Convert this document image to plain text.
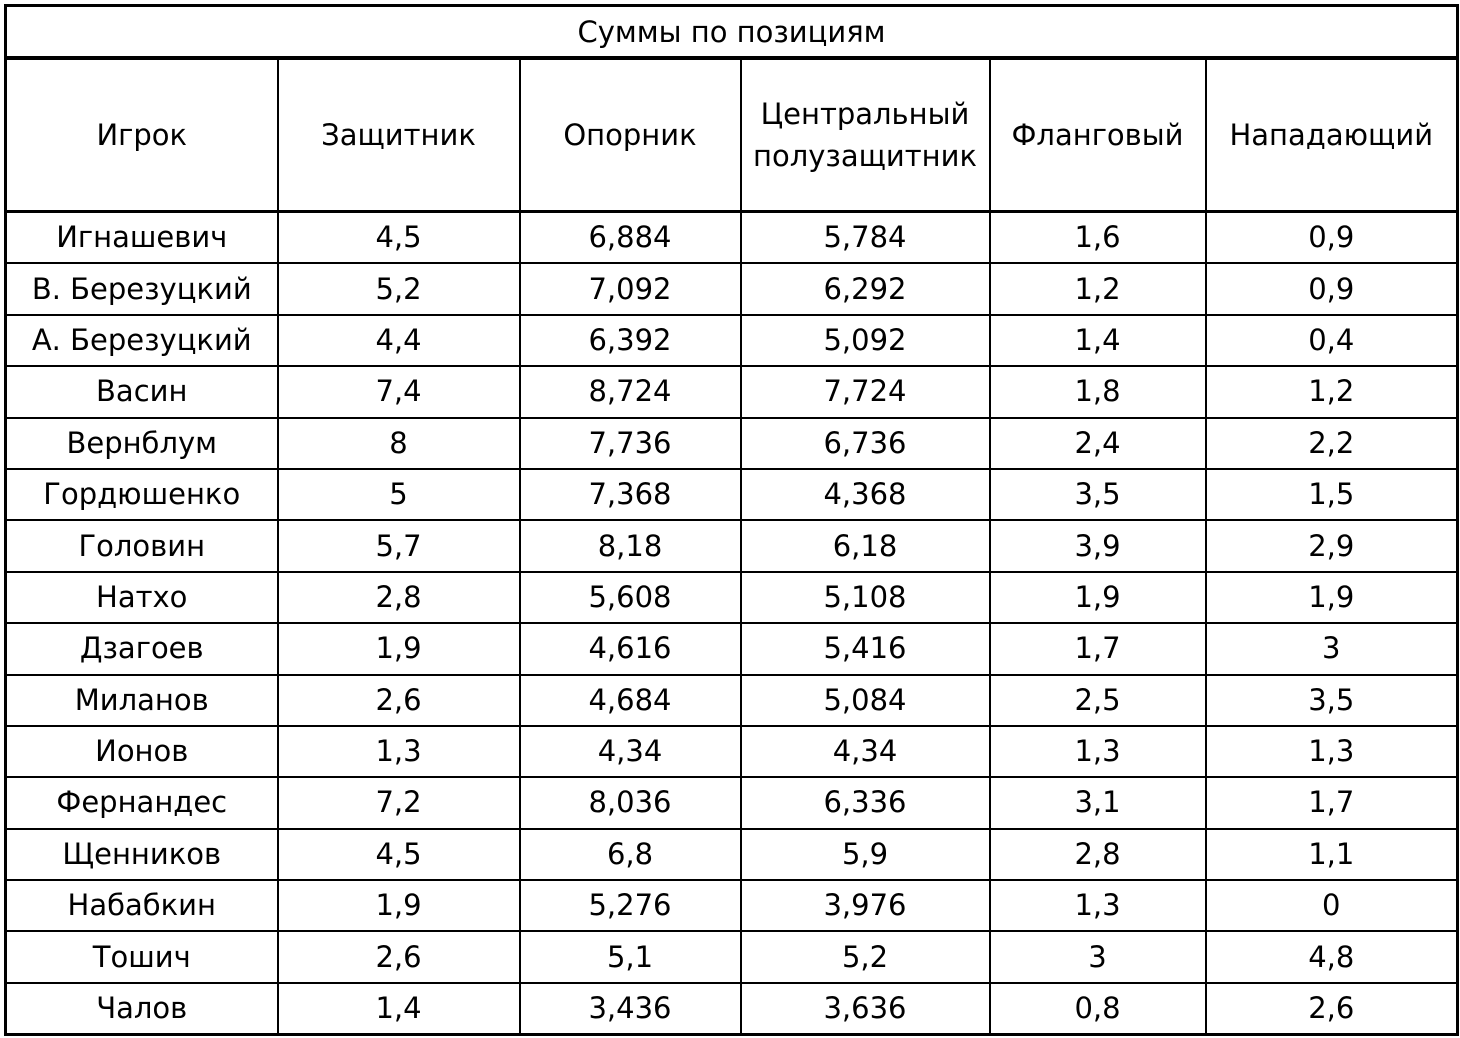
Суммы по позициям					
Игрок	Защитник	Опорник	Центральный полузащитник	Фланговый	Нападающий
Игнашевич	4,5	6,884	5,784	1,6	0,9
В. Березуцкий	5,2	7,092	6,292	1,2	0,9
А. Березуцкий	4,4	6,392	5,092	1,4	0,4
Васин	7,4	8,724	7,724	1,8	1,2
Вернблум	8	7,736	6,736	2,4	2,2
Гордюшенко	5	7,368	4,368	3,5	1,5
Головин	5,7	8,18	6,18	3,9	2,9
Натхо	2,8	5,608	5,108	1,9	1,9
Дзагоев	1,9	4,616	5,416	1,7	3
Миланов	2,6	4,684	5,084	2,5	3,5
Ионов	1,3	4,34	4,34	1,3	1,3
Фернандес	7,2	8,036	6,336	3,1	1,7
Щенников	4,5	6,8	5,9	2,8	1,1
Набабкин	1,9	5,276	3,976	1,3	0
Тошич	2,6	5,1	5,2	3	4,8
Чалов	1,4	3,436	3,636	0,8	2,6
